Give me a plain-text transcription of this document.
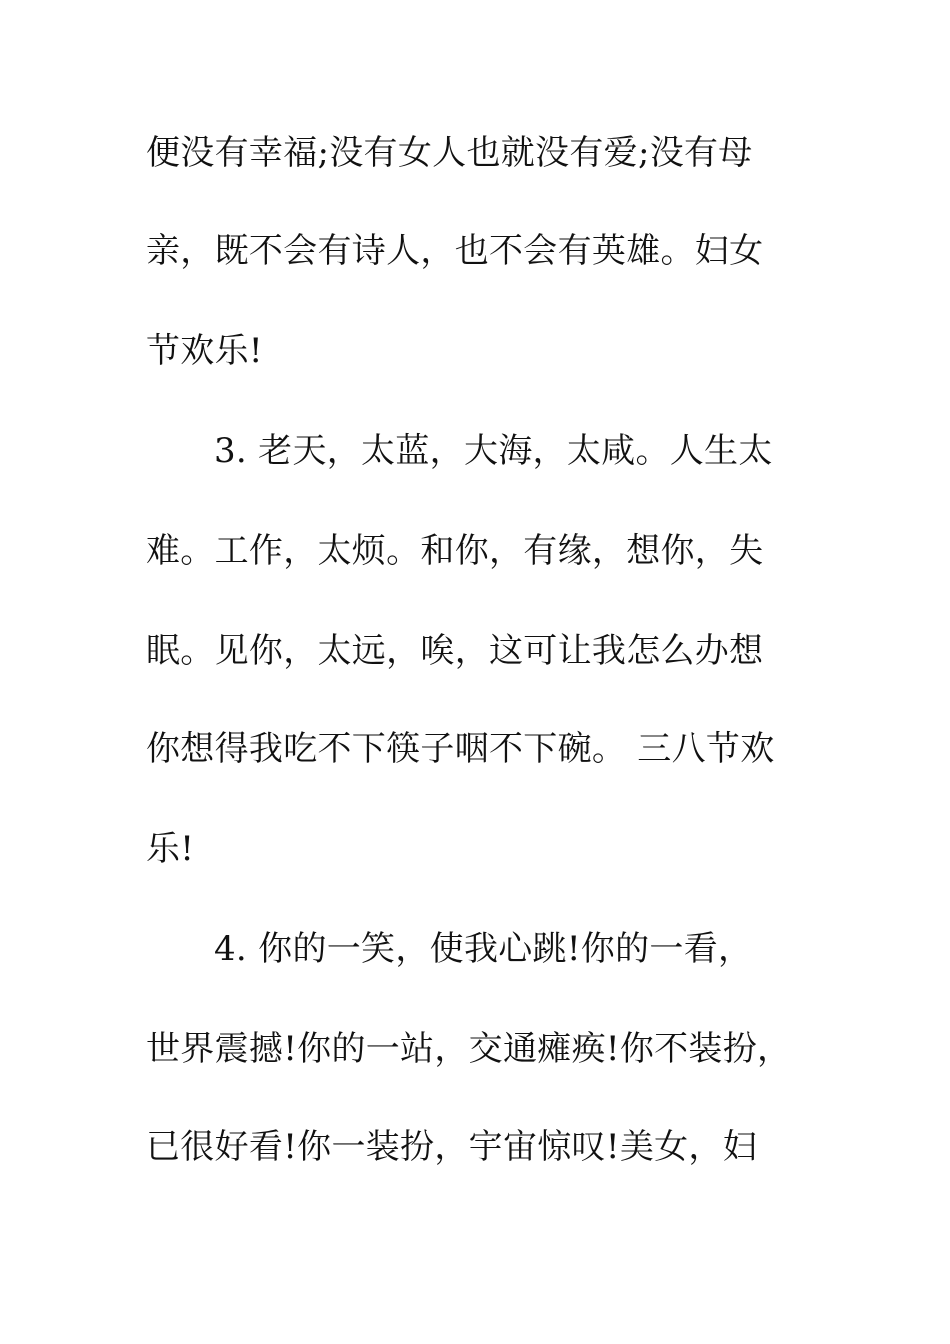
便没有幸福;没有女人也就没有爱;没有母

亲，既不会有诗人，也不会有英雄。妇女

节欢乐!

3. 老天，太蓝，大海，太咸。人生太

难。工作，太烦。和你，有缘，想你，失

眠。见你，太远，唉，这可让我怎么办想

你想得我吃不下筷子咽不下碗。 三八节欢

乐!

4. 你的一笑，使我心跳!你的一看，

世界震撼!你的一站，交通瘫痪!你不装扮，

已很好看!你一装扮，宇宙惊叹!美女，妇
